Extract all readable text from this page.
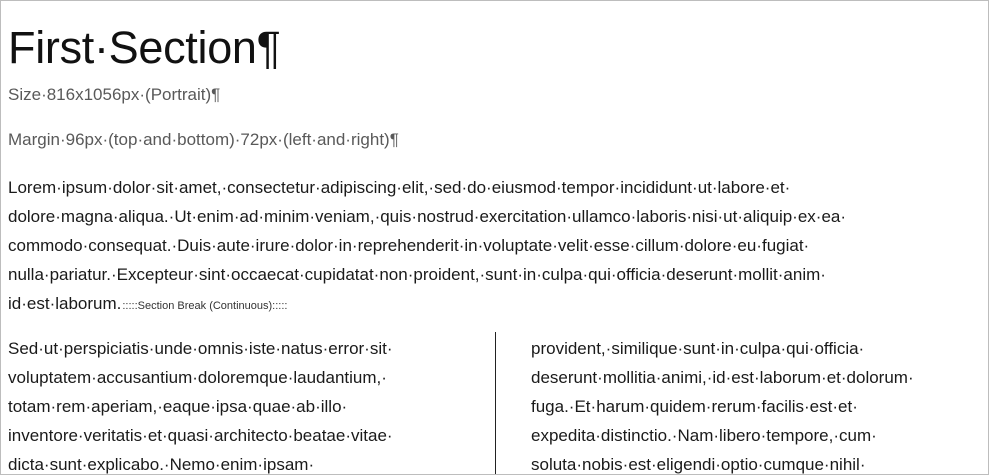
First·Section¶

Size·816x1056px·(Portrait)¶

Margin·96px·(top·and·bottom)·72px·(left·and·right)¶

Lorem·ipsum·dolor·sit·amet,·consectetur·adipiscing·elit,·sed·do·eiusmod·tempor·incididunt·ut·labore·et·
dolore·magna·aliqua.·Ut·enim·ad·minim·veniam,·quis·nostrud·exercitation·ullamco·laboris·nisi·ut·aliquip·ex·ea·
commodo·consequat.·Duis·aute·irure·dolor·in·reprehenderit·in·voluptate·velit·esse·cillum·dolore·eu·fugiat·
nulla·pariatur.·Excepteur·sint·occaecat·cupidatat·non·proident,·sunt·in·culpa·qui·officia·deserunt·mollit·anim·
id·est·laborum.:::::Section Break (Continuous):::::

Sed·ut·perspiciatis·unde·omnis·iste·natus·error·sit·
voluptatem·accusantium·doloremque·laudantium,·
totam·rem·aperiam,·eaque·ipsa·quae·ab·illo·
inventore·veritatis·et·quasi·architecto·beatae·vitae·
dicta·sunt·explicabo.·Nemo·enim·ipsam·
provident,·similique·sunt·in·culpa·qui·officia·
deserunt·mollitia·animi,·id·est·laborum·et·dolorum·
fuga.·Et·harum·quidem·rerum·facilis·est·et·
expedita·distinctio.·Nam·libero·tempore,·cum·
soluta·nobis·est·eligendi·optio·cumque·nihil·
